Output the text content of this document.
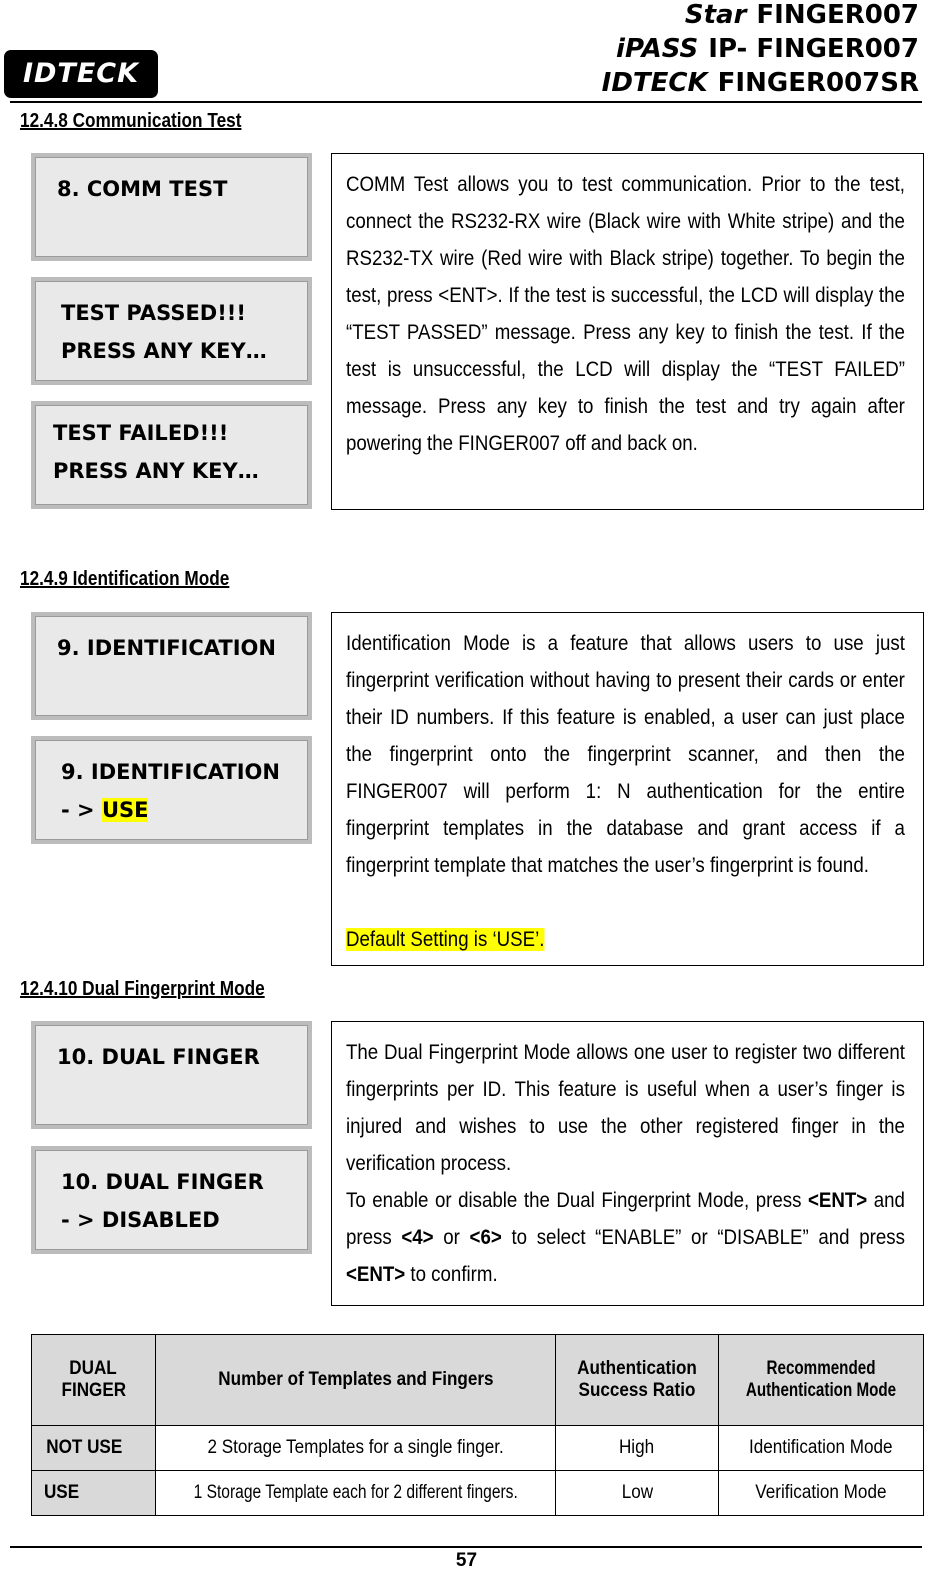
IDTECK
Star FINGER007
iPASS IP- FINGER007
IDTECK FINGER007SR
12.4.8 Communication Test
8. COMM TEST
TEST PASSED!!!
PRESS ANY KEY…
TEST FAILED!!!
PRESS ANY KEY…

COMM Test allows you to test communication. Prior to the test, connect the RS232-RX wire (Black wire with White stripe) and the RS232-TX wire (Red wire with Black stripe) together. To begin the test, press <ENT>. If the test is successful, the LCD will display the “TEST PASSED” message. Press any key to finish the test. If the test is unsuccessful, the LCD will display the “TEST FAILED” message. Press any key to finish the test and try again after powering the FINGER007 off and back on.

12.4.9 Identification Mode
9. IDENTIFICATION
9. IDENTIFICATION
- > USE

Identification Mode is a feature that allows users to use just fingerprint verification without having to present their cards or enter their ID numbers. If this feature is enabled, a user can just place the fingerprint onto the fingerprint scanner, and then the FINGER007 will perform 1: N authentication for the entire fingerprint templates in the database and grant access if a fingerprint template that matches the user’s fingerprint is found.

Default Setting is ‘USE’.

12.4.10 Dual Fingerprint Mode
10. DUAL FINGER
10. DUAL FINGER
- > DISABLED

The Dual Fingerprint Mode allows one user to register two different fingerprints per ID. This feature is useful when a user’s finger is injured and wishes to use the other registered finger in the verification process.

To enable or disable the Dual Fingerprint Mode, press <ENT> and press <4> or <6> to select “ENABLE” or “DISABLE” and press <ENT> to confirm.

DUAL FINGER	Number of Templates and Fingers	Authentication Success Ratio	Recommended Authentication Mode
NOT USE	2 Storage Templates for a single finger.	High	Identification Mode
USE	1 Storage Template each for 2 different fingers.	Low	Verification Mode
57
